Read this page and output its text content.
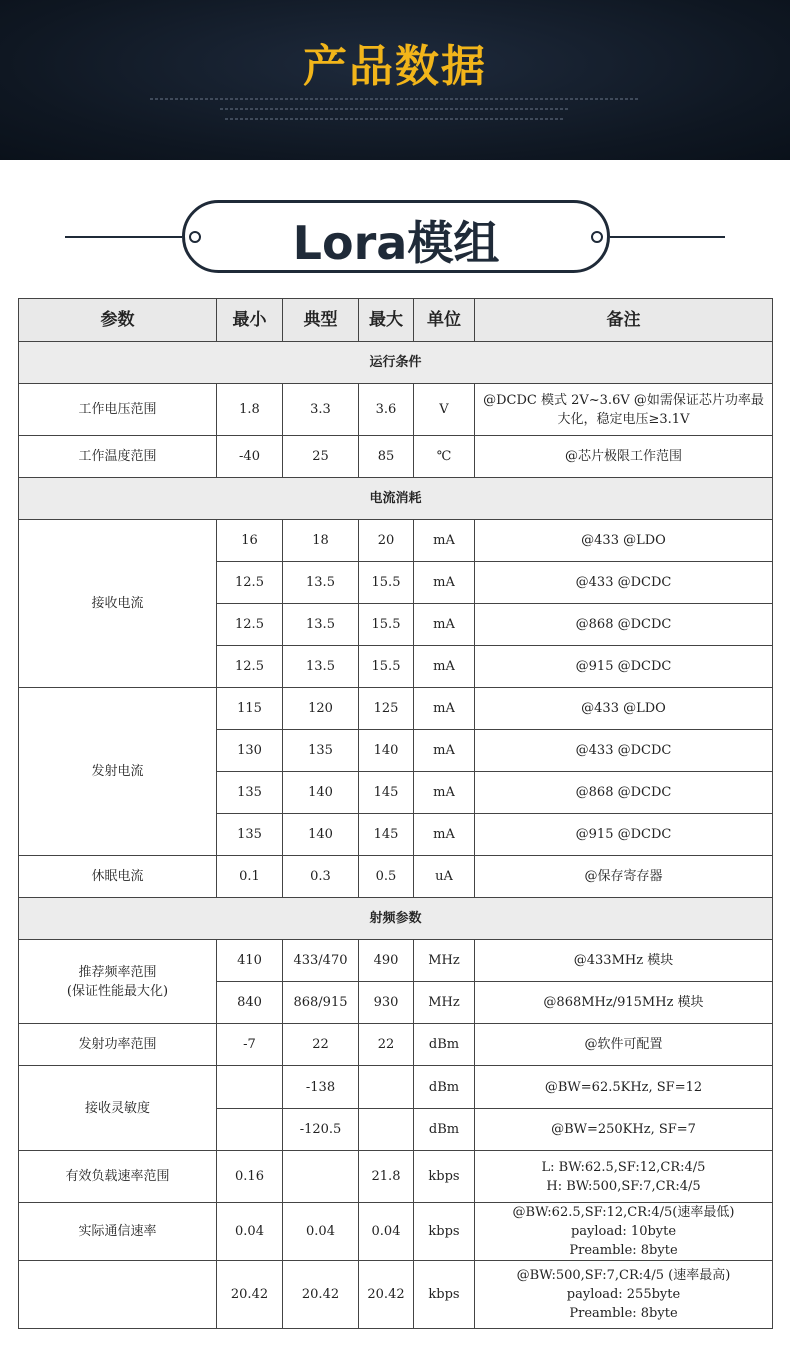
产品数据
Lora模组
参数	最小	典型	最大	单位	备注
运行条件					
工作电压范围	1.8	3.3	3.6	V	@DCDC 模式 2V~3.6V @如需保证芯片功率最
大化，稳定电压≥3.1V

工作温度范围	-40	25	85	℃	@芯片极限工作范围
电流消耗					
接收电流	16	18	20	mA	@433 @LDO
	12.5	13.5	15.5	mA	@433 @DCDC
	12.5	13.5	15.5	mA	@868 @DCDC
	12.5	13.5	15.5	mA	@915 @DCDC
发射电流	115	120	125	mA	@433 @LDO
	130	135	140	mA	@433 @DCDC
	135	140	145	mA	@868 @DCDC
	135	140	145	mA	@915 @DCDC
休眠电流	0.1	0.3	0.5	uA	@保存寄存器
射频参数					

推荐频率范围
(保证性能最大化)	410	433/470	490	MHz	@433MHz 模块
	840	868/915	930	MHz	@868MHz/915MHz 模块
发射功率范围	-7	22	22	dBm	@软件可配置
接收灵敏度		-138		dBm	@BW=62.5KHz, SF=12
		-120.5		dBm	@BW=250KHz, SF=7
有效负载速率范围	0.16		21.8	kbps	L: BW:62.5,SF:12,CR:4/5
H: BW:500,SF:7,CR:4/5

实际通信速率	0.04	0.04	0.04	kbps	@BW:62.5,SF:12,CR:4/5(速率最低)
payload: 10byte
Preamble: 8byte

	20.42	20.42	20.42	kbps	@BW:500,SF:7,CR:4/5 (速率最高)
payload: 255byte
Preamble: 8byte
